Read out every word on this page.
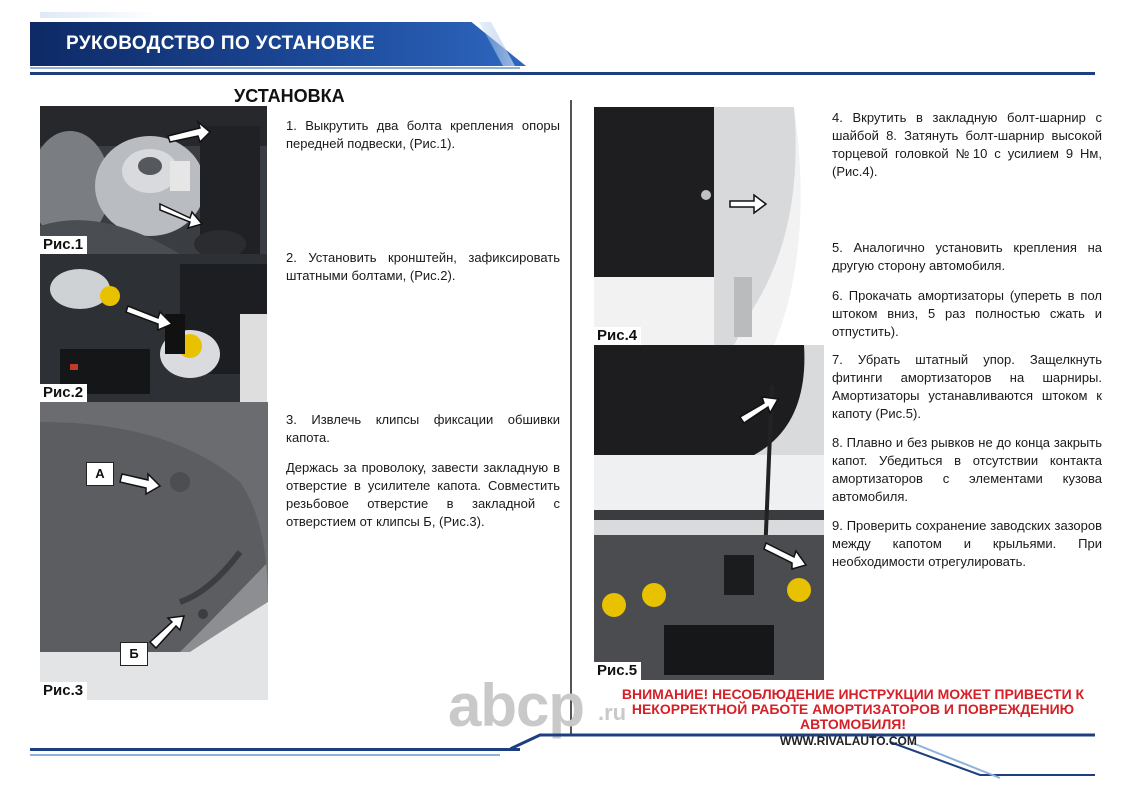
РУКОВОДСТВО ПО УСТАНОВКЕ
УСТАНОВКА
Рис.1
Рис.2
А
Б
Рис.3
Рис.4
Рис.5
1. Выкрутить два болта крепления опоры передней подвески, (Рис.1).
2. Установить кронштейн, зафиксировать штатными болтами, (Рис.2).
3. Извлечь клипсы фиксации обшивки капота.
Держась за проволоку, завести закладную в отверстие в усилителе капота. Совместить резьбовое отверстие в закладной с отверстием от клипсы Б, (Рис.3).
4. Вкрутить в закладную болт-шарнир с шайбой 8. Затянуть болт-шарнир высокой торцевой головкой №10 с усилием 9 Нм, (Рис.4).
5. Аналогично установить крепления на другую сторону автомобиля.
6. Прокачать амортизаторы (упереть в пол штоком вниз, 5 раз полностью сжать и отпустить).
7. Убрать штатный упор. Защелкнуть фитинги амортизаторов на шарниры. Амортизаторы устанавливаются штоком к капоту (Рис.5).
8. Плавно и без рывков не до конца закрыть капот. Убедиться в отсутствии контакта амортизаторов с элементами кузова автомобиля.
9. Проверить сохранение заводских зазоров между капотом и крыльями. При необходимости отрегулировать.
abcp .ru
ВНИМАНИЕ! НЕСОБЛЮДЕНИЕ ИНСТРУКЦИИ МОЖЕТ ПРИВЕСТИ К
НЕКОРРЕКТНОЙ РАБОТЕ АМОРТИЗАТОРОВ И ПОВРЕЖДЕНИЮ
АВТОМОБИЛЯ!
WWW.RIVALAUTO.COM
